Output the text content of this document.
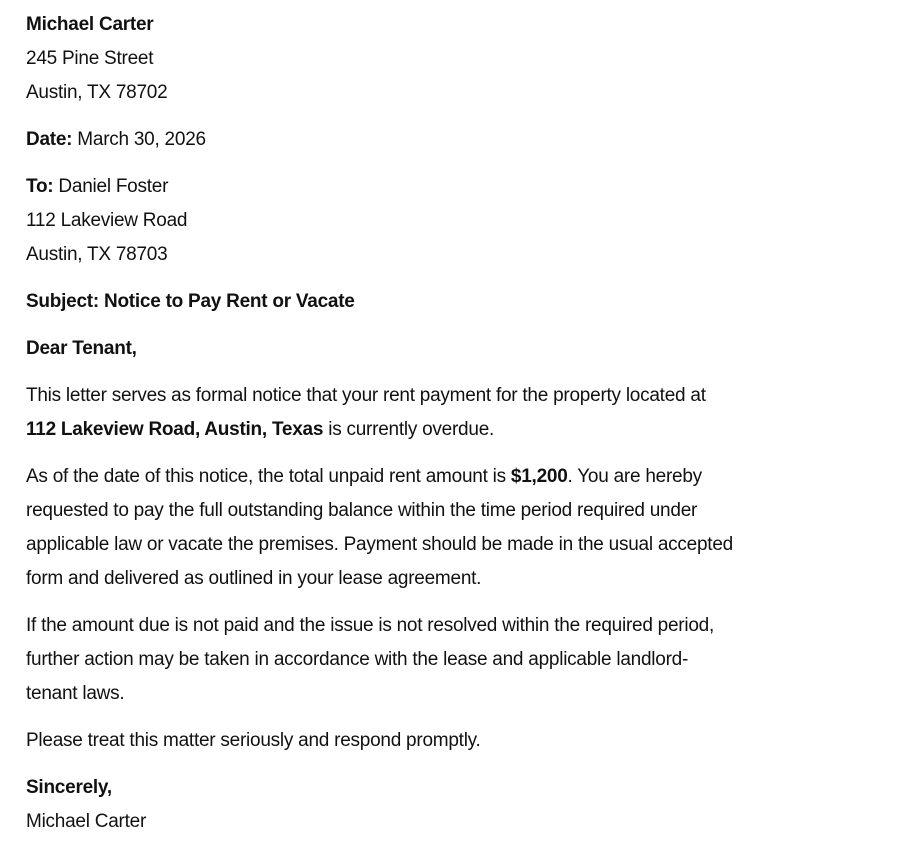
Michael Carter
245 Pine Street
Austin, TX 78702
Date: March 30, 2026
To: Daniel Foster
112 Lakeview Road
Austin, TX 78703
Subject: Notice to Pay Rent or Vacate
Dear Tenant,
This letter serves as formal notice that your rent payment for the property located at
112 Lakeview Road, Austin, Texas is currently overdue.
As of the date of this notice, the total unpaid rent amount is $1,200. You are hereby
requested to pay the full outstanding balance within the time period required under
applicable law or vacate the premises. Payment should be made in the usual accepted
form and delivered as outlined in your lease agreement.
If the amount due is not paid and the issue is not resolved within the required period,
further action may be taken in accordance with the lease and applicable landlord-
tenant laws.
Please treat this matter seriously and respond promptly.
Sincerely,
Michael Carter
